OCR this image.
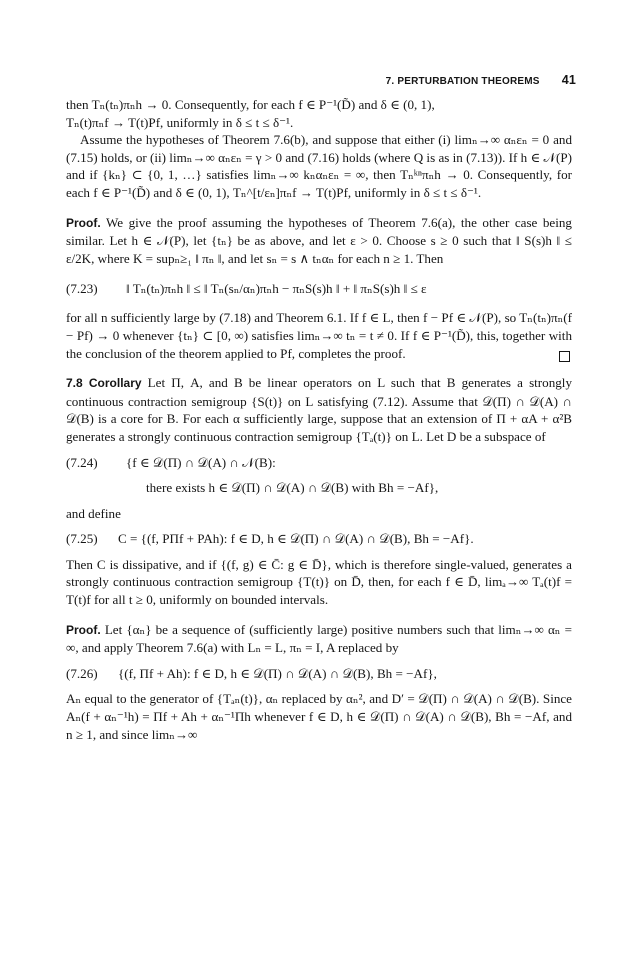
7. PERTURBATION THEOREMS 41

then Tₙ(tₙ)πₙh → 0. Consequently, for each f ∈ P⁻¹(D̃) and δ ∈ (0, 1),

Tₙ(t)πₙf → T(t)Pf, uniformly in δ ≤ t ≤ δ⁻¹.

Assume the hypotheses of Theorem 7.6(b), and suppose that either (i) limₙ→∞ αₙεₙ = 0 and (7.15) holds, or (ii) limₙ→∞ αₙεₙ = γ > 0 and (7.16) holds (where Q is as in (7.13)). If h ∈ 𝒩(P) and if {kₙ} ⊂ {0, 1, …} satisfies limₙ→∞ kₙαₙεₙ = ∞, then Tₙᵏⁿπₙh → 0. Consequently, for each f ∈ P⁻¹(D̃) and δ ∈ (0, 1), Tₙ^[t/εₙ]πₙf → T(t)Pf, uniformly in δ ≤ t ≤ δ⁻¹.

Proof. We give the proof assuming the hypotheses of Theorem 7.6(a), the other case being similar. Let h ∈ 𝒩(P), let {tₙ} be as above, and let ε > 0. Choose s ≥ 0 such that ‖ S(s)h ‖ ≤ ε/2K, where K = supₙ≥₁ ‖ πₙ ‖, and let sₙ = s ∧ tₙαₙ for each n ≥ 1. Then

(7.23)	‖ Tₙ(tₙ)πₙh ‖ ≤ ‖ Tₙ(sₙ/αₙ)πₙh − πₙS(s)h ‖ + ‖ πₙS(s)h ‖ ≤ ε

for all n sufficiently large by (7.18) and Theorem 6.1. If f ∈ L, then f − Pf ∈ 𝒩(P), so Tₙ(tₙ)πₙ(f − Pf) → 0 whenever {tₙ} ⊂ [0, ∞) satisfies limₙ→∞ tₙ = t ≠ 0. If f ∈ P⁻¹(D̃), this, together with the conclusion of the theorem applied to Pf, completes the proof.

7.8 Corollary Let Π, A, and B be linear operators on L such that B generates a strongly continuous contraction semigroup {S(t)} on L satisfying (7.12). Assume that 𝒟(Π) ∩ 𝒟(A) ∩ 𝒟(B) is a core for B. For each α sufficiently large, suppose that an extension of Π + αA + α²B generates a strongly continuous contraction semigroup {Tₐ(t)} on L. Let D be a subspace of

(7.24)	{f ∈ 𝒟(Π) ∩ 𝒟(A) ∩ 𝒩(B):

there exists h ∈ 𝒟(Π) ∩ 𝒟(A) ∩ 𝒟(B) with Bh = −Af},

and define

(7.25)	C = {(f, PΠf + PAh): f ∈ D, h ∈ 𝒟(Π) ∩ 𝒟(A) ∩ 𝒟(B), Bh = −Af}.

Then C is dissipative, and if {(f, g) ∈ C̄: g ∈ D̄}, which is therefore single-valued, generates a strongly continuous contraction semigroup {T(t)} on D̄, then, for each f ∈ D̄, limₐ→∞ Tₐ(t)f = T(t)f for all t ≥ 0, uniformly on bounded intervals.

Proof. Let {αₙ} be a sequence of (sufficiently large) positive numbers such that limₙ→∞ αₙ = ∞, and apply Theorem 7.6(a) with Lₙ = L, πₙ = I, A replaced by

(7.26)	{(f, Πf + Ah): f ∈ D, h ∈ 𝒟(Π) ∩ 𝒟(A) ∩ 𝒟(B), Bh = −Af},

Aₙ equal to the generator of {Tₐₙ(t)}, αₙ replaced by αₙ², and D′ = 𝒟(Π) ∩ 𝒟(A) ∩ 𝒟(B). Since Aₙ(f + αₙ⁻¹h) = Πf + Ah + αₙ⁻¹Πh whenever f ∈ D, h ∈ 𝒟(Π) ∩ 𝒟(A) ∩ 𝒟(B), Bh = −Af, and n ≥ 1, and since limₙ→∞
